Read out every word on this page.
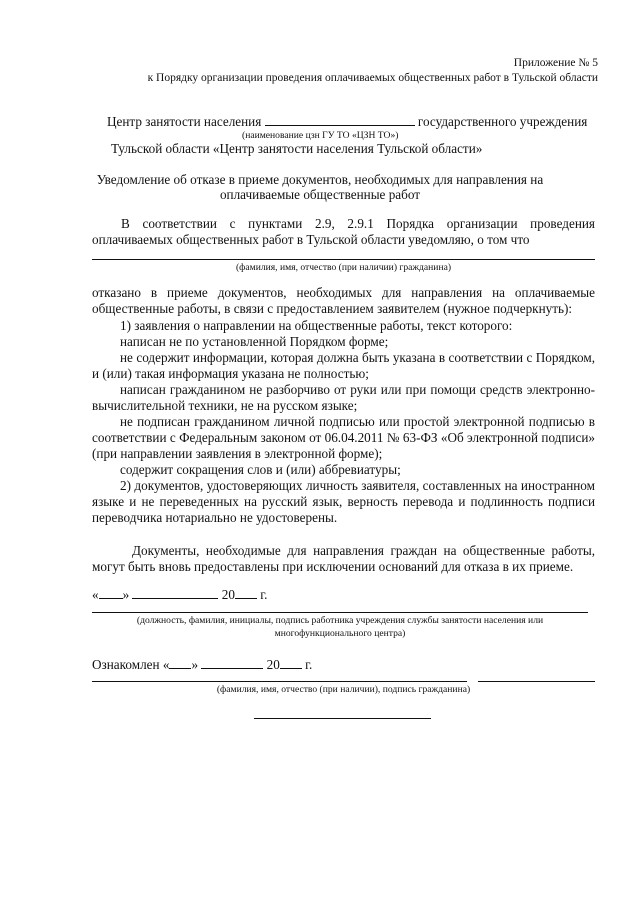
Приложение № 5
к Порядку организации проведения оплачиваемых общественных работ в Тульской области
Центр занятости населения	государственного учреждения
(наименование цзн ГУ ТО «ЦЗН ТО»)
Тульской области «Центр занятости населения Тульской области»
Уведомление об отказе в приеме документов, необходимых для направления на
оплачиваемые общественные работ
В соответствии с пунктами 2.9, 2.9.1 Порядка организации проведения
оплачиваемых общественных работ в Тульской области уведомляю, о том что
(фамилия, имя, отчество (при наличии) гражданина)
отказано в приеме документов, необходимых для направления на оплачиваемые
общественные работы, в связи с предоставлением заявителем (нужное подчеркнуть):
1) заявления о направлении на общественные работы, текст которого:
написан не по установленной Порядком форме;
не содержит информации, которая должна быть указана в соответствии с Порядком,
и (или) такая информация указана не полностью;
написан гражданином не разборчиво от руки или при помощи средств электронно-
вычислительной техники, не на русском языке;
не подписан гражданином личной подписью или простой электронной подписью в
соответствии с Федеральным законом от 06.04.2011 № 63-ФЗ «Об электронной подписи»
(при направлении заявления в электронной форме);
содержит сокращения слов и (или) аббревиатуры;
2) документов, удостоверяющих личность заявителя, составленных на иностранном
языке и не переведенных на русский язык, верность перевода и подлинность подписи
переводчика нотариально не удостоверены.
Документы, необходимые для направления граждан на общественные работы,
могут быть вновь предоставлены при исключении оснований для отказа в их приеме.
« »	20 г.
(должность, фамилия, инициалы, подпись работника учреждения службы занятости населения или
многофункционального центра)
Ознакомлен « »	20 г.
(фамилия, имя, отчество (при наличии), подпись гражданина)
